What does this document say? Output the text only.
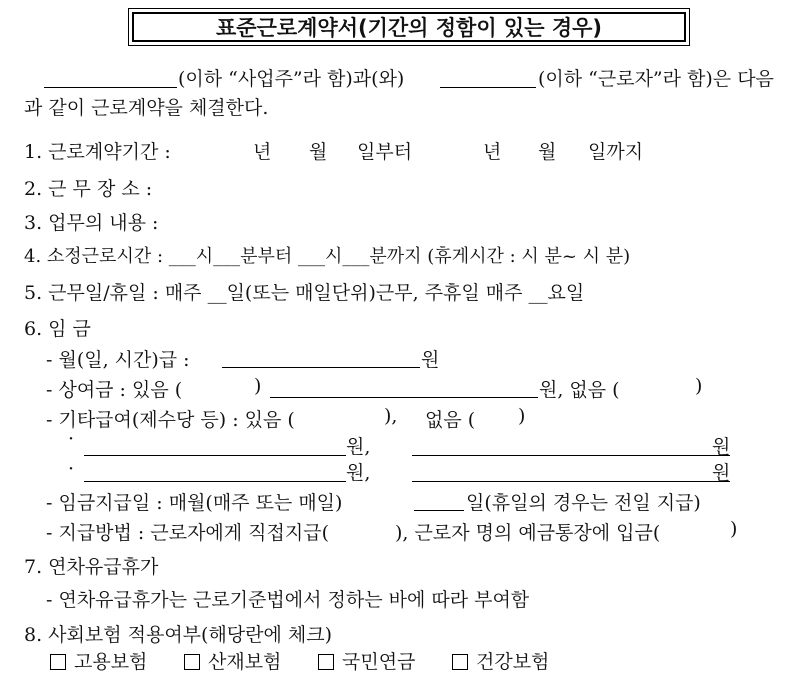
표준근로계약서(기간의 정함이 있는 경우)
(이하 “사업주”라 함)과(와)	(이하 “근로자”라 함)은 다음
과 같이 근로계약을 체결한다.
1. 근로계약기간 :	년 월 일부터	년 월 일까지
2. 근 무 장 소 :
3. 업무의 내용 :
4. 소정근로시간 : ___시___분부터 ___시___분까지 (휴게시간 : 시 분~ 시 분)
5. 근무일/휴일 : 매주 __일(또는 매일단위)근무, 주휴일 매주 __요일
6. 임 금
- 월(일, 시간)급 :	원
- 상여금 : 있음 (	)	원, 없음 (	)
- 기타급여(제수당 등) : 있음 (	), 없음 ( )
·	원,	원
·	원,	원
- 임금지급일 : 매월(매주 또는 매일)	일(휴일의 경우는 전일 지급)
- 지급방법 : 근로자에게 직접지급(	), 근로자 명의 예금통장에 입금(	)
7. 연차유급휴가
- 연차유급휴가는 근로기준법에서 정하는 바에 따라 부여함
8. 사회보험 적용여부(해당란에 체크)
고용보험	산재보험	국민연금	건강보험
